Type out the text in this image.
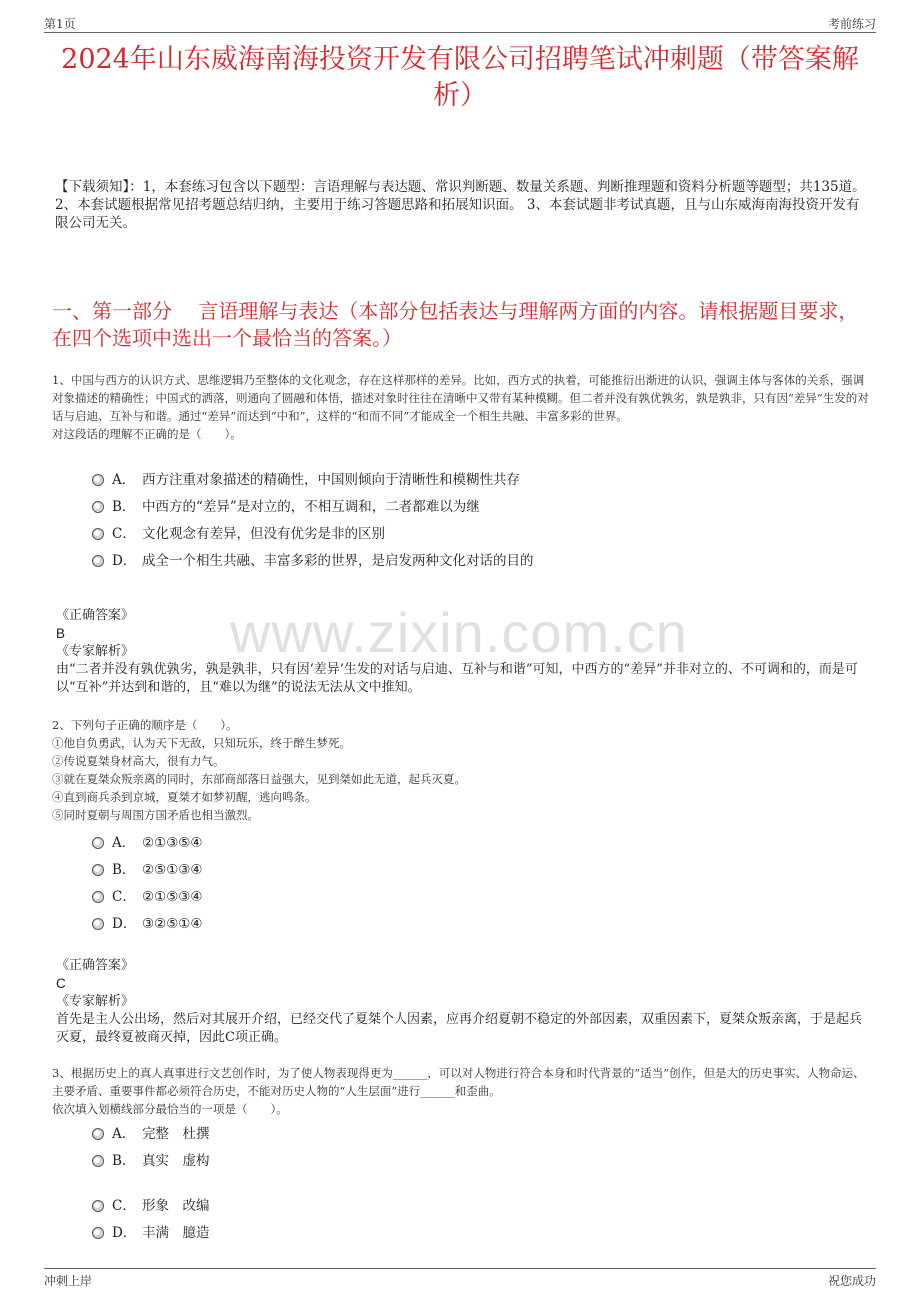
第1页	考前练习
2024年山东威海南海投资开发有限公司招聘笔试冲刺题（带答案解析）
【下载须知】：1，本套练习包含以下题型：言语理解与表达题、常识判断题、数量关系题、判断推理题和资料分析题等题型；共135道。 2、本套试题根据常见招考题总结归纳，主要用于练习答题思路和拓展知识面。 3、本套试题非考试真题，且与山东威海南海投资开发有限公司无关。
一、第一部分　 言语理解与表达（本部分包括表达与理解两方面的内容。请根据题目要求，在四个选项中选出一个最恰当的答案。）
www.zixin.com.cn
1、中国与西方的认识方式、思维逻辑乃至整体的文化观念，存在这样那样的差异。比如，西方式的执着，可能推衍出渐进的认识，强调主体与客体的关系，强调对象描述的精确性；中国式的洒落，则通向了圆融和体悟，描述对象时往往在清晰中又带有某种模糊。但二者并没有孰优孰劣，孰是孰非，只有因“差异”生发的对话与启迪、互补与和谐。通过“差异”而达到“中和”，这样的“和而不同”才能成全一个相生共融、丰富多彩的世界。
对这段话的理解不正确的是（　　）。
A． 西方注重对象描述的精确性，中国则倾向于清晰性和模糊性共存
B． 中西方的“差异”是对立的，不相互调和，二者都难以为继
C． 文化观念有差异，但没有优劣是非的区别
D． 成全一个相生共融、丰富多彩的世界，是启发两种文化对话的目的
《正确答案》
B
《专家解析》
由“二者并没有孰优孰劣，孰是孰非，只有因‘差异’生发的对话与启迪、互补与和谐”可知，中西方的“差异”并非对立的、不可调和的，而是可以“互补”并达到和谐的，且“难以为继”的说法无法从文中推知。
2、下列句子正确的顺序是（　　）。
①他自负勇武，认为天下无敌，只知玩乐，终于醉生梦死。
②传说夏桀身材高大，很有力气。
③就在夏桀众叛亲离的同时，东部商部落日益强大，见到桀如此无道，起兵灭夏。
④直到商兵杀到京城，夏桀才如梦初醒，逃向鸣条。
⑤同时夏朝与周围方国矛盾也相当激烈。
A． ②①③⑤④
B． ②⑤①③④
C． ②①⑤③④
D． ③②⑤①④
《正确答案》
C
《专家解析》
首先是主人公出场，然后对其展开介绍，已经交代了夏桀个人因素，应再介绍夏朝不稳定的外部因素，双重因素下，夏桀众叛亲离，于是起兵灭夏，最终夏被商灭掉，因此C项正确。
3、根据历史上的真人真事进行文艺创作时，为了使人物表现得更为______，可以对人物进行符合本身和时代背景的“适当”创作，但是大的历史事实、人物命运、主要矛盾、重要事件都必须符合历史，不能对历史人物的“人生层面”进行______和歪曲。
依次填入划横线部分最恰当的一项是（　　）。
A． 完整　杜撰
B． 真实　虚构
C． 形象　改编
D． 丰满　臆造
冲刺上岸	祝您成功
